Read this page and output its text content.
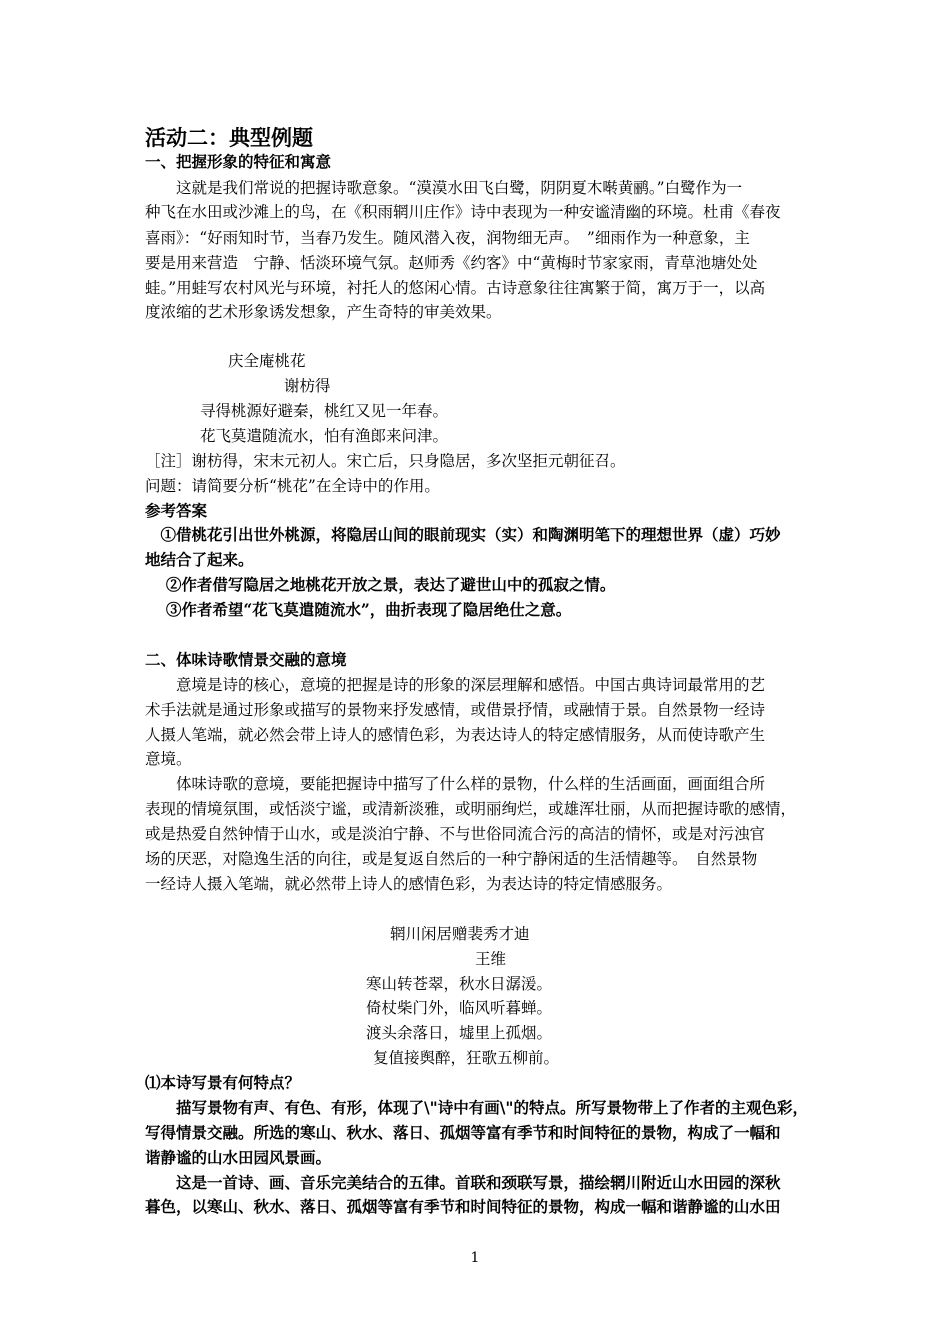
活动二：典型例题
一、把握形象的特征和寓意
　　这就是我们常说的把握诗歌意象。“漠漠水田飞白鹭，阴阴夏木啭黄鹂。”白鹭作为一
种飞在水田或沙滩上的鸟，在《积雨辋川庄作》诗中表现为一种安谧清幽的环境。杜甫《春夜
喜雨》：“好雨知时节，当春乃发生。随风潜入夜，润物细无声。　”细雨作为一种意象，主
要是用来营造　宁静、恬淡环境气氛。赵师秀《约客》中“黄梅时节家家雨，青草池塘处处
蛙。”用蛙写农村风光与环境，衬托人的悠闲心情。古诗意象往往寓繁于简，寓万于一，以高
度浓缩的艺术形象诱发想象，产生奇特的审美效果。
庆全庵桃花
谢枋得
寻得桃源好避秦，桃红又见一年春。
花飞莫遣随流水，怕有渔郎来问津。
［注］谢枋得，宋末元初人。宋亡后，只身隐居，多次坚拒元朝征召。
问题：请简要分析“桃花”在全诗中的作用。
参考答案
　①借桃花引出世外桃源，将隐居山间的眼前现实（实）和陶渊明笔下的理想世界（虚）巧妙
地结合了起来。
　 ②作者借写隐居之地桃花开放之景，表达了避世山中的孤寂之情。
　 ③作者希望“花飞莫遣随流水”，曲折表现了隐居绝仕之意。
二、体味诗歌情景交融的意境
　　意境是诗的核心，意境的把握是诗的形象的深层理解和感悟。中国古典诗词最常用的艺
术手法就是通过形象或描写的景物来抒发感情，或借景抒情，或融情于景。自然景物一经诗
人摄人笔端，就必然会带上诗人的感情色彩，为表达诗人的特定感情服务，从而使诗歌产生
意境。
　　体味诗歌的意境，要能把握诗中描写了什么样的景物，什么样的生活画面，画面组合所
表现的情境氛围，或恬淡宁谧，或清新淡雅，或明丽绚烂，或雄浑壮丽，从而把握诗歌的感情，
或是热爱自然钟情于山水，或是淡泊宁静、不与世俗同流合污的高洁的情怀，或是对污浊官
场的厌恶，对隐逸生活的向往，或是复返自然后的一种宁静闲适的生活情趣等。　自然景物
一经诗人摄入笔端，就必然带上诗人的感情色彩，为表达诗的特定情感服务。
辋川闲居赠裴秀才迪
王维
寒山转苍翠，秋水日潺湲。
倚杖柴门外，临风听暮蝉。
渡头余落日，墟里上孤烟。
复值接舆醉，狂歌五柳前。
⑴本诗写景有何特点？
　　描写景物有声、有色、有形，体现了\"诗中有画\"的特点。所写景物带上了作者的主观色彩，
写得情景交融。所选的寒山、秋水、落日、孤烟等富有季节和时间特征的景物，构成了一幅和
谐静谧的山水田园风景画。
　　这是一首诗、画、音乐完美结合的五律。首联和颈联写景，描绘辋川附近山水田园的深秋
暮色，以寒山、秋水、落日、孤烟等富有季节和时间特征的景物，构成一幅和谐静谧的山水田
1
